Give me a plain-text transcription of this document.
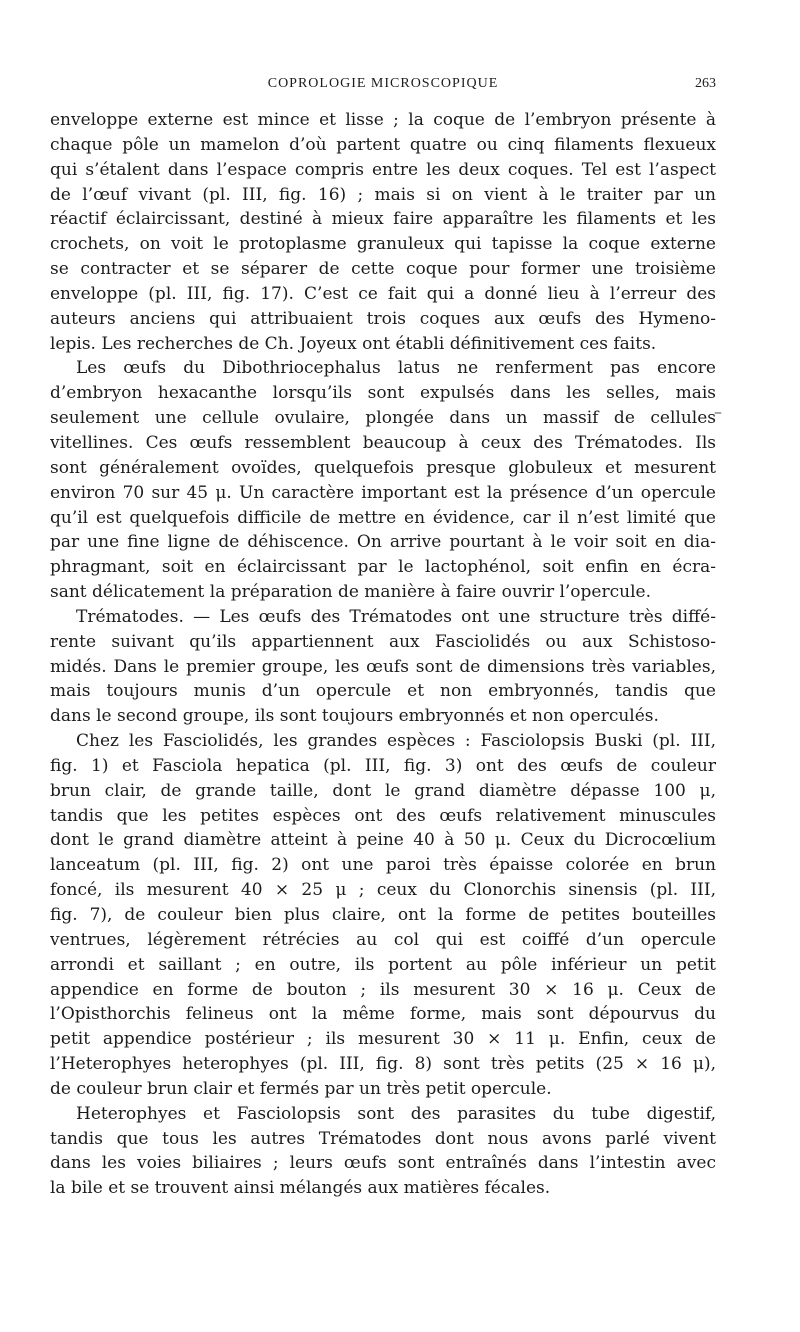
COPROLOGIE MICROSCOPIQUE	263
–
enveloppe externe est mince et lisse ; la coque de l’embryon présente à
chaque pôle un mamelon d’où partent quatre ou cinq filaments flexueux
qui s’étalent dans l’espace compris entre les deux coques. Tel est l’aspect
de l’œuf vivant (pl. III, fig. 16) ; mais si on vient à le traiter par un
réactif éclaircissant, destiné à mieux faire apparaître les filaments et les
crochets, on voit le protoplasme granuleux qui tapisse la coque externe
se contracter et se séparer de cette coque pour former une troisième
enveloppe (pl. III, fig. 17). C’est ce fait qui a donné lieu à l’erreur des
auteurs anciens qui attribuaient trois coques aux œufs des Hymeno-
lepis. Les recherches de Ch. Joyeux ont établi définitivement ces faits.
Les œufs du Dibothriocephalus latus ne renferment pas encore
d’embryon hexacanthe lorsqu’ils sont expulsés dans les selles, mais
seulement une cellule ovulaire, plongée dans un massif de cellules
vitellines. Ces œufs ressemblent beaucoup à ceux des Trématodes. Ils
sont généralement ovoïdes, quelquefois presque globuleux et mesurent
environ 70 sur 45 μ. Un caractère important est la présence d’un opercule
qu’il est quelquefois difficile de mettre en évidence, car il n’est limité que
par une fine ligne de déhiscence. On arrive pourtant à le voir soit en dia-
phragmant, soit en éclaircissant par le lactophénol, soit enfin en écra-
sant délicatement la préparation de manière à faire ouvrir l’opercule.
Trématodes. — Les œufs des Trématodes ont une structure très diffé-
rente suivant qu’ils appartiennent aux Fasciolidés ou aux Schistoso-
midés. Dans le premier groupe, les œufs sont de dimensions très variables,
mais toujours munis d’un opercule et non embryonnés, tandis que
dans le second groupe, ils sont toujours embryonnés et non operculés.
Chez les Fasciolidés, les grandes espèces : Fasciolopsis Buski (pl. III,
fig. 1) et Fasciola hepatica (pl. III, fig. 3) ont des œufs de couleur
brun clair, de grande taille, dont le grand diamètre dépasse 100 μ,
tandis que les petites espèces ont des œufs relativement minuscules
dont le grand diamètre atteint à peine 40 à 50 μ. Ceux du Dicrocœlium
lanceatum (pl. III, fig. 2) ont une paroi très épaisse colorée en brun
foncé, ils mesurent 40 × 25 μ ; ceux du Clonorchis sinensis (pl. III,
fig. 7), de couleur bien plus claire, ont la forme de petites bouteilles
ventrues, légèrement rétrécies au col qui est coiffé d’un opercule
arrondi et saillant ; en outre, ils portent au pôle inférieur un petit
appendice en forme de bouton ; ils mesurent 30 × 16 μ. Ceux de
l’Opisthorchis felineus ont la même forme, mais sont dépourvus du
petit appendice postérieur ; ils mesurent 30 × 11 μ. Enfin, ceux de
l’Heterophyes heterophyes (pl. III, fig. 8) sont très petits (25 × 16 μ),
de couleur brun clair et fermés par un très petit opercule.
Heterophyes et Fasciolopsis sont des parasites du tube digestif,
tandis que tous les autres Trématodes dont nous avons parlé vivent
dans les voies biliaires ; leurs œufs sont entraînés dans l’intestin avec
la bile et se trouvent ainsi mélangés aux matières fécales.
